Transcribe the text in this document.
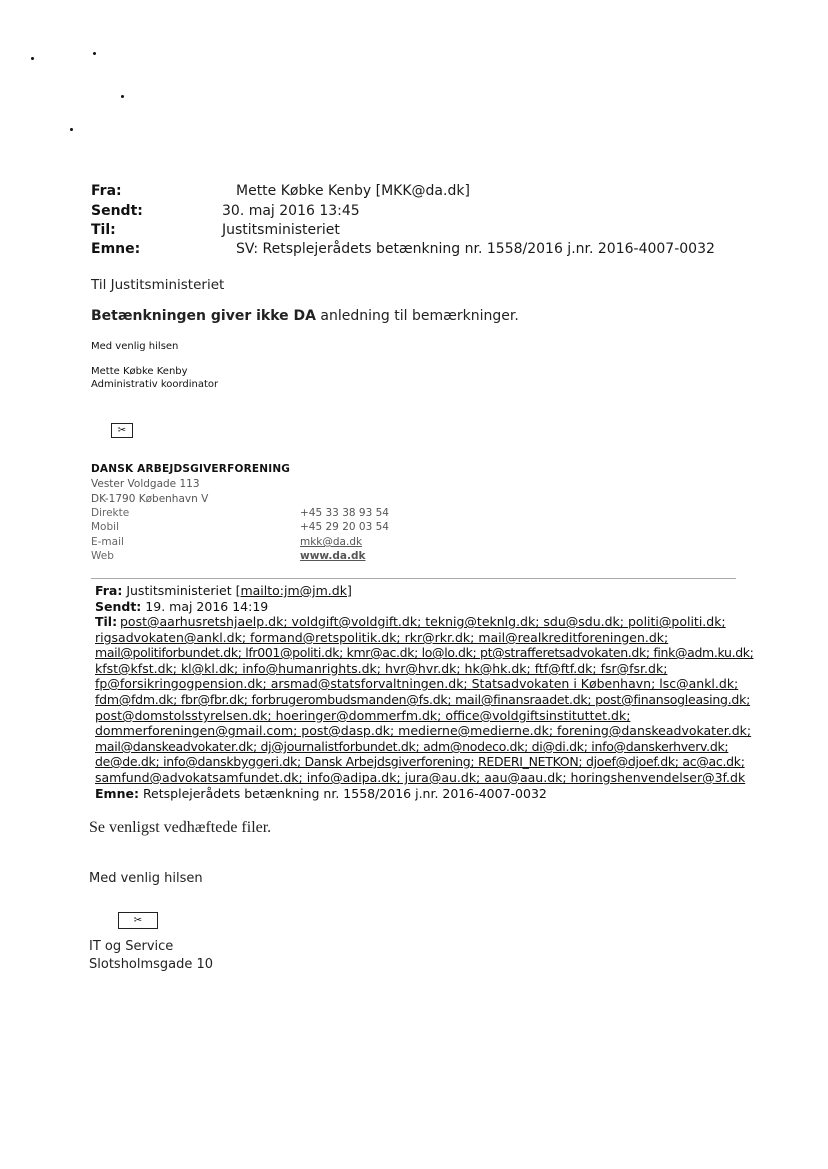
Fra:	Mette Købke Kenby [MKK@da.dk]
Sendt:	30. maj 2016 13:45
Til:	Justitsministeriet
Emne:	SV: Retsplejerådets betænkning nr. 1558/2016 j.nr. 2016-4007-0032
Til Justitsministeriet
Betænkningen giver ikke DA anledning til bemærkninger.
Med venlig hilsen
Mette Købke Kenby
Administrativ koordinator
✂
DANSK ARBEJDSGIVERFORENING
Vester Voldgade 113
DK-1790 København V
Direkte	+45 33 38 93 54
Mobil	+45 29 20 03 54
E-mail	mkk@da.dk
Web	www.da.dk
Fra: Justitsministeriet [mailto:jm@jm.dk]
Sendt: 19. maj 2016 14:19
Til: post@aarhusretshjaelp.dk; voldgift@voldgift.dk; teknig@teknlg.dk; sdu@sdu.dk; politi@politi.dk;
rigsadvokaten@ankl.dk; formand@retspolitik.dk; rkr@rkr.dk; mail@realkreditforeningen.dk;
mail@politiforbundet.dk; lfr001@politi.dk; kmr@ac.dk; lo@lo.dk; pt@strafferetsadvokaten.dk; fink@adm.ku.dk;
kfst@kfst.dk; kl@kl.dk; info@humanrights.dk; hvr@hvr.dk; hk@hk.dk; ftf@ftf.dk; fsr@fsr.dk;
fp@forsikringogpension.dk; arsmad@statsforvaltningen.dk; Statsadvokaten i København; lsc@ankl.dk;
fdm@fdm.dk; fbr@fbr.dk; forbrugerombudsmanden@fs.dk; mail@finansraadet.dk; post@finansogleasing.dk;
post@domstolsstyrelsen.dk; hoeringer@dommerfm.dk; office@voldgiftsinstituttet.dk;
dommerforeningen@gmail.com; post@dasp.dk; medierne@medierne.dk; forening@danskeadvokater.dk;
mail@danskeadvokater.dk; dj@journalistforbundet.dk; adm@nodeco.dk; di@di.dk; info@danskerhverv.dk;
de@de.dk; info@danskbyggeri.dk; Dansk Arbejdsgiverforening; REDERI_NETKON; djoef@djoef.dk; ac@ac.dk;
samfund@advokatsamfundet.dk; info@adipa.dk; jura@au.dk; aau@aau.dk; horingshenvendelser@3f.dk
Emne: Retsplejerådets betænkning nr. 1558/2016 j.nr. 2016-4007-0032
Se venligst vedhæftede filer.
Med venlig hilsen
✂
IT og Service
Slotsholmsgade 10
